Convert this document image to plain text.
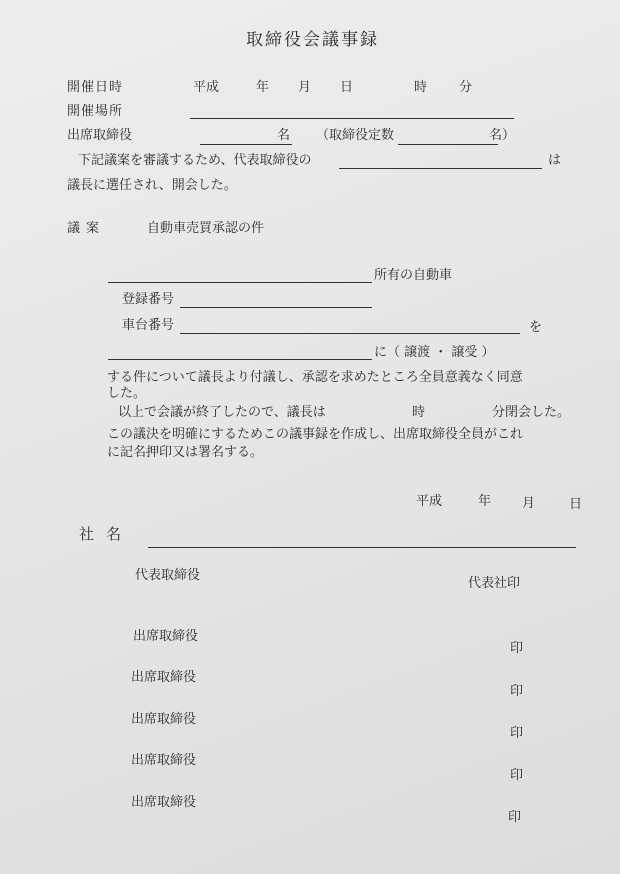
取締役会議事録
開催日時	平成	年 月 日	時 分
開催場所
出席取締役	名 （取締役定数	名）
下記議案を審議するため、代表取締役の	は
議長に選任され、開会した。
議案	自動車売買承認の件
所有の自動車
登録番号
車台番号	を
に（ 譲渡 ・ 譲受 ）
する件について議長より付議し、承認を求めたところ全員意義なく同意
した。
以上で会議が終了したので、議長は	時	分閉会した。
この議決を明確にするためこの議事録を作成し、出席取締役全員がこれ
に記名押印又は署名する。
平成	年 月	日
社名
代表取締役
代表社印
出席取締役
印
出席取締役
印
出席取締役
印
出席取締役
印
出席取締役
印
